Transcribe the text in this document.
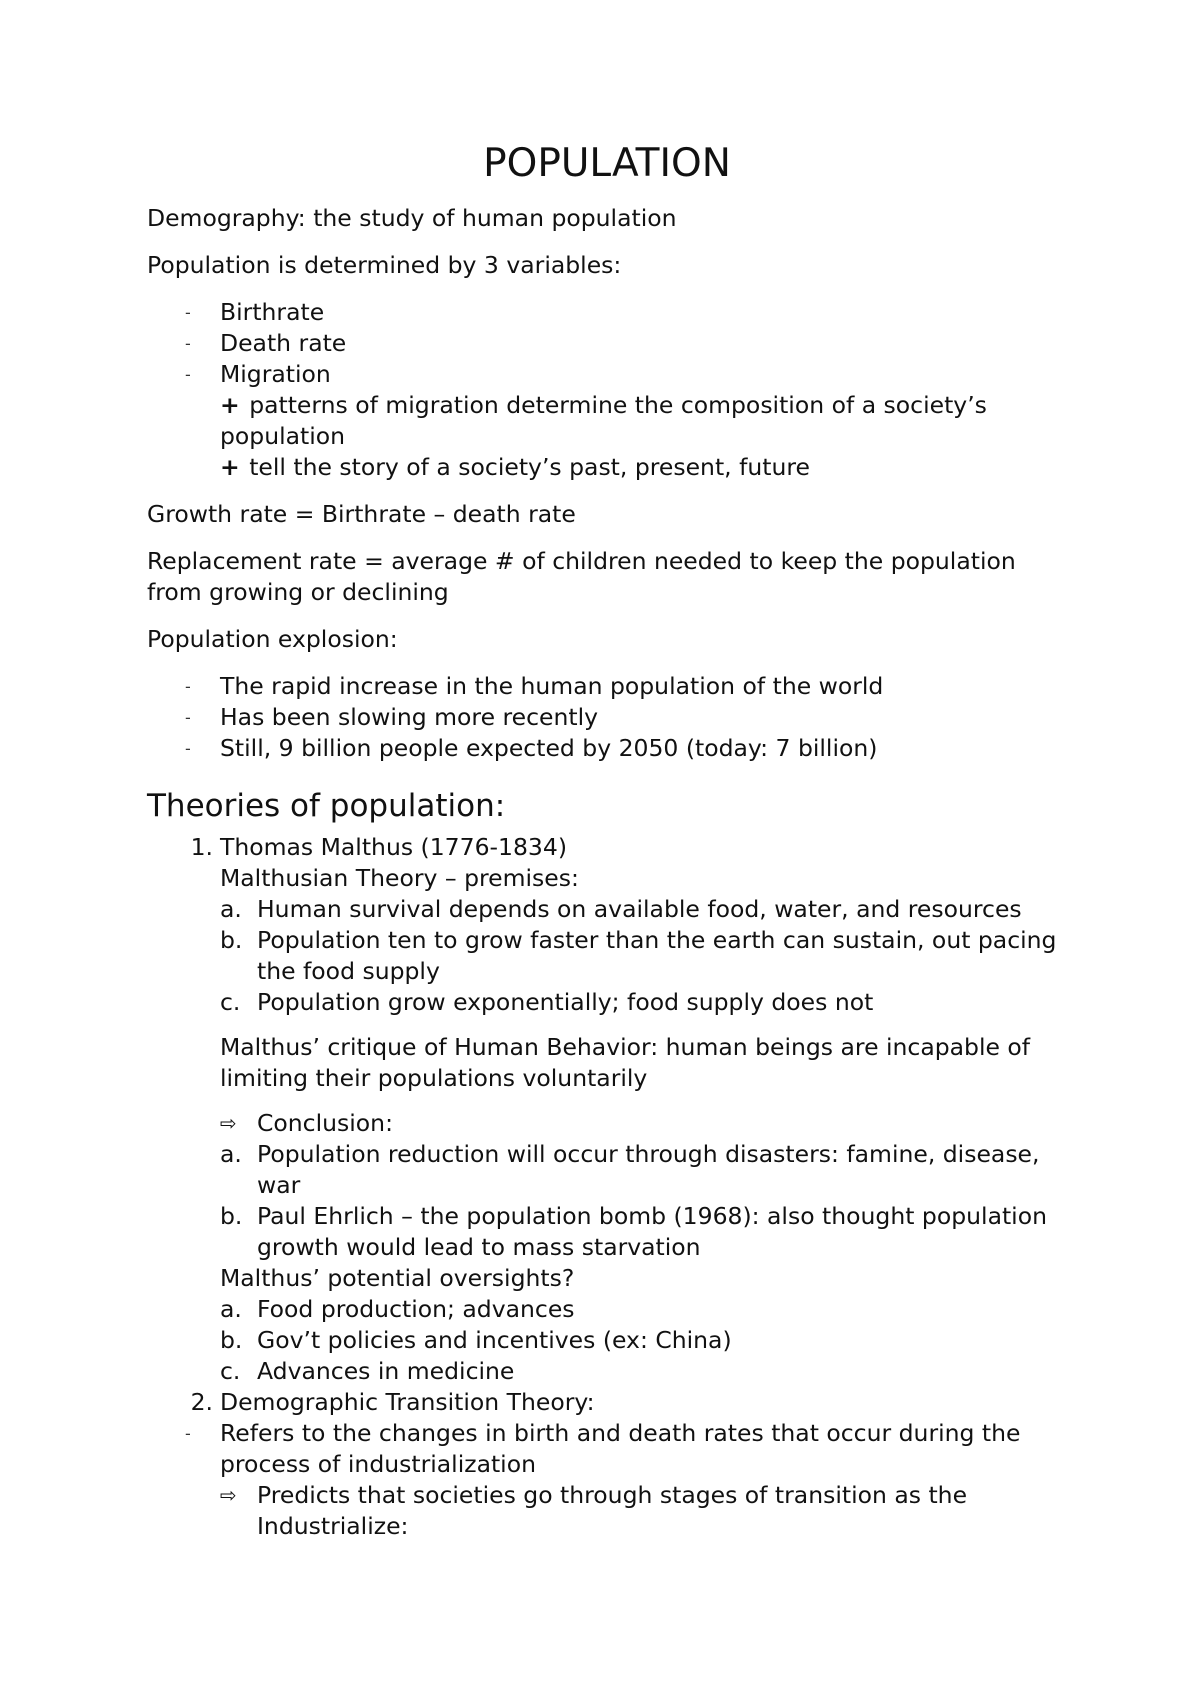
POPULATION

Demography: the study of human population

Population is determined by 3 variables:

- Birthrate
- Death rate
- Migration
+ patterns of migration determine the composition of a society’s population
+ tell the story of a society’s past, present, future

Growth rate = Birthrate – death rate

Replacement rate = average # of children needed to keep the population from growing or declining

Population explosion:

- The rapid increase in the human population of the world
- Has been slowing more recently
- Still, 9 billion people expected by 2050 (today: 7 billion)
Theories of population:
1. Thomas Malthus (1776-1834)
Malthusian Theory – premises:
a. Human survival depends on available food, water, and resources
b. Population ten to grow faster than the earth can sustain, out pacing the food supply
c. Population grow exponentially; food supply does not
Malthus’ critique of Human Behavior: human beings are incapable of limiting their populations voluntarily
⇨ Conclusion:
a. Population reduction will occur through disasters: famine, disease, war
b. Paul Ehrlich – the population bomb (1968): also thought population growth would lead to mass starvation
Malthus’ potential oversights?
a. Food production; advances
b. Gov’t policies and incentives (ex: China)
c. Advances in medicine
2. Demographic Transition Theory:
- Refers to the changes in birth and death rates that occur during the process of industrialization
⇨ Predicts that societies go through stages of transition as the Industrialize:
